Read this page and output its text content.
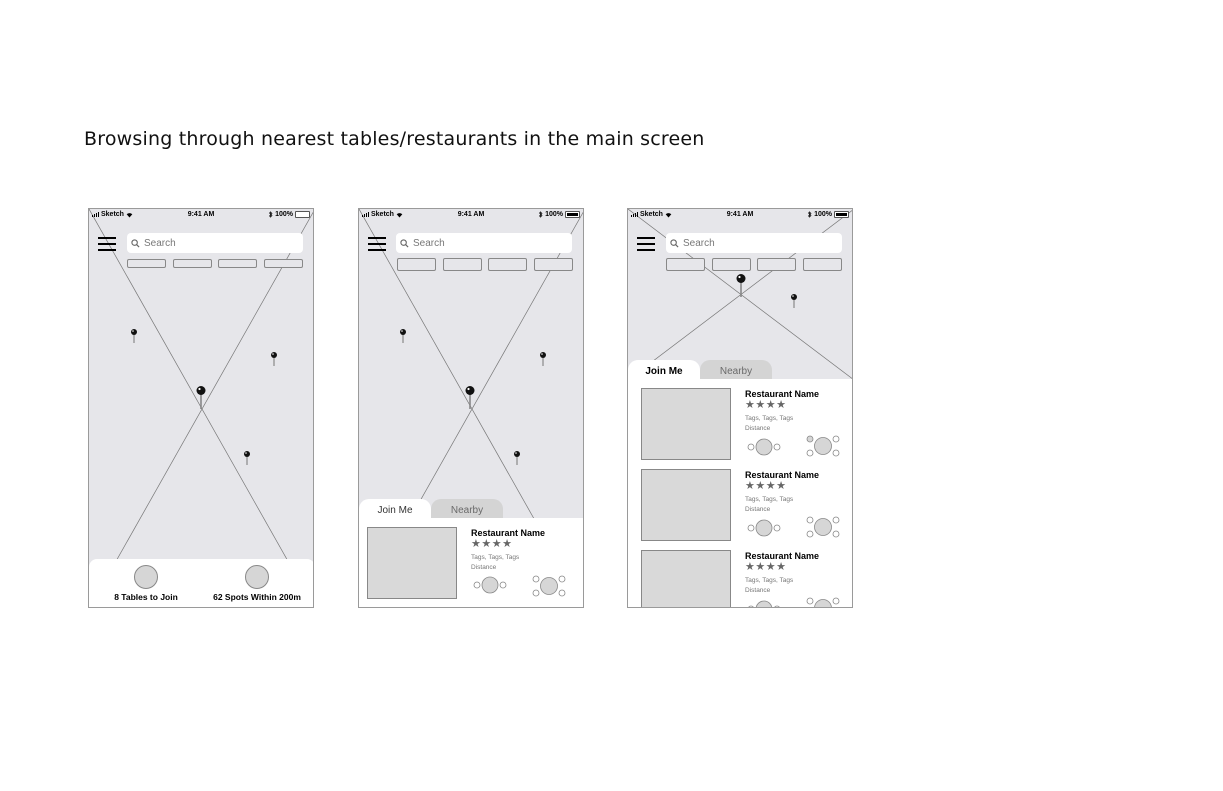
Browsing through nearest tables/restaurants in the main screen
Sketch	9:41 AM	100%
Search
8 Tables to Join	62 Spots Within 200m
Sketch	9:41 AM	100%
Search
Nearby
Join Me
Restaurant Name
★★★★
Tags, Tags, Tags
Distance
Sketch	9:41 AM	100%
Search
Nearby
Join Me
Restaurant Name
★★★★
Tags, Tags, Tags
Distance
Restaurant Name
★★★★
Tags, Tags, Tags
Distance
Restaurant Name
★★★★
Tags, Tags, Tags
Distance
